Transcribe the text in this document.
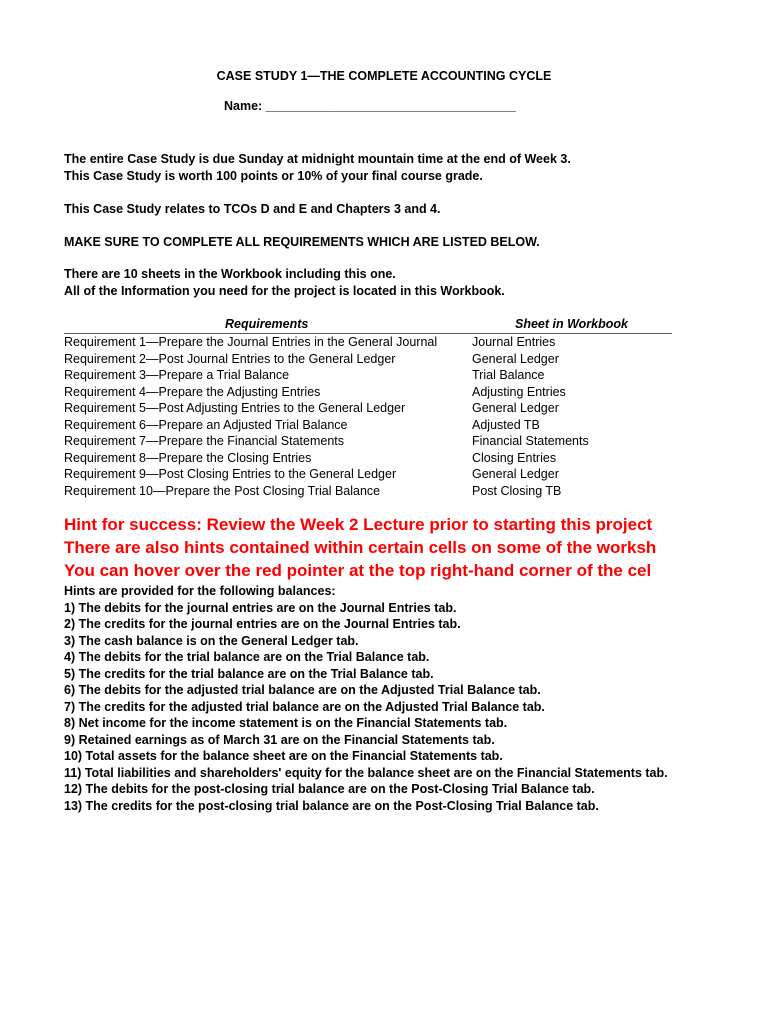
CASE STUDY 1—THE COMPLETE ACCOUNTING CYCLE
Name: ____________________________________
The entire Case Study is due Sunday at midnight mountain time at the end of Week 3.
This Case Study is worth 100 points or 10% of your final course grade.
This Case Study relates to TCOs D and E and Chapters 3 and 4.
MAKE SURE TO COMPLETE ALL REQUIREMENTS WHICH ARE LISTED BELOW.
There are 10 sheets in the Workbook including this one.
All of the Information you need for the project is located in this Workbook.
Requirements	Sheet in Workbook
Requirement 1—Prepare the Journal Entries in the General Journal	Journal Entries
Requirement 2—Post Journal Entries to the General Ledger	General Ledger
Requirement 3—Prepare a Trial Balance	Trial Balance
Requirement 4—Prepare the Adjusting Entries	Adjusting Entries
Requirement 5—Post Adjusting Entries to the General Ledger	General Ledger
Requirement 6—Prepare an Adjusted Trial Balance	Adjusted TB
Requirement 7—Prepare the Financial Statements	Financial Statements
Requirement 8—Prepare the Closing Entries	Closing Entries
Requirement 9—Post Closing Entries to the General Ledger	General Ledger
Requirement 10—Prepare the Post Closing Trial Balance	Post Closing TB
Hint for success: Review the Week 2 Lecture prior to starting this project
There are also hints contained within certain cells on some of the worksh
You can hover over the red pointer at the top right-hand corner of the cel
Hints are provided for the following balances:
1) The debits for the journal entries are on the Journal Entries tab.
2) The credits for the journal entries are on the Journal Entries tab.
3) The cash balance is on the General Ledger tab.
4) The debits for the trial balance are on the Trial Balance tab.
5) The credits for the trial balance are on the Trial Balance tab.
6) The debits for the adjusted trial balance are on the Adjusted Trial Balance tab.
7) The credits for the adjusted trial balance are on the Adjusted Trial Balance tab.
8) Net income for the income statement is on the Financial Statements tab.
9) Retained earnings as of March 31 are on the Financial Statements tab.
10) Total assets for the balance sheet are on the Financial Statements tab.
11) Total liabilities and shareholders' equity for the balance sheet are on the Financial Statements tab.
12) The debits for the post-closing trial balance are on the Post-Closing Trial Balance tab.
13) The credits for the post-closing trial balance are on the Post-Closing Trial Balance tab.
